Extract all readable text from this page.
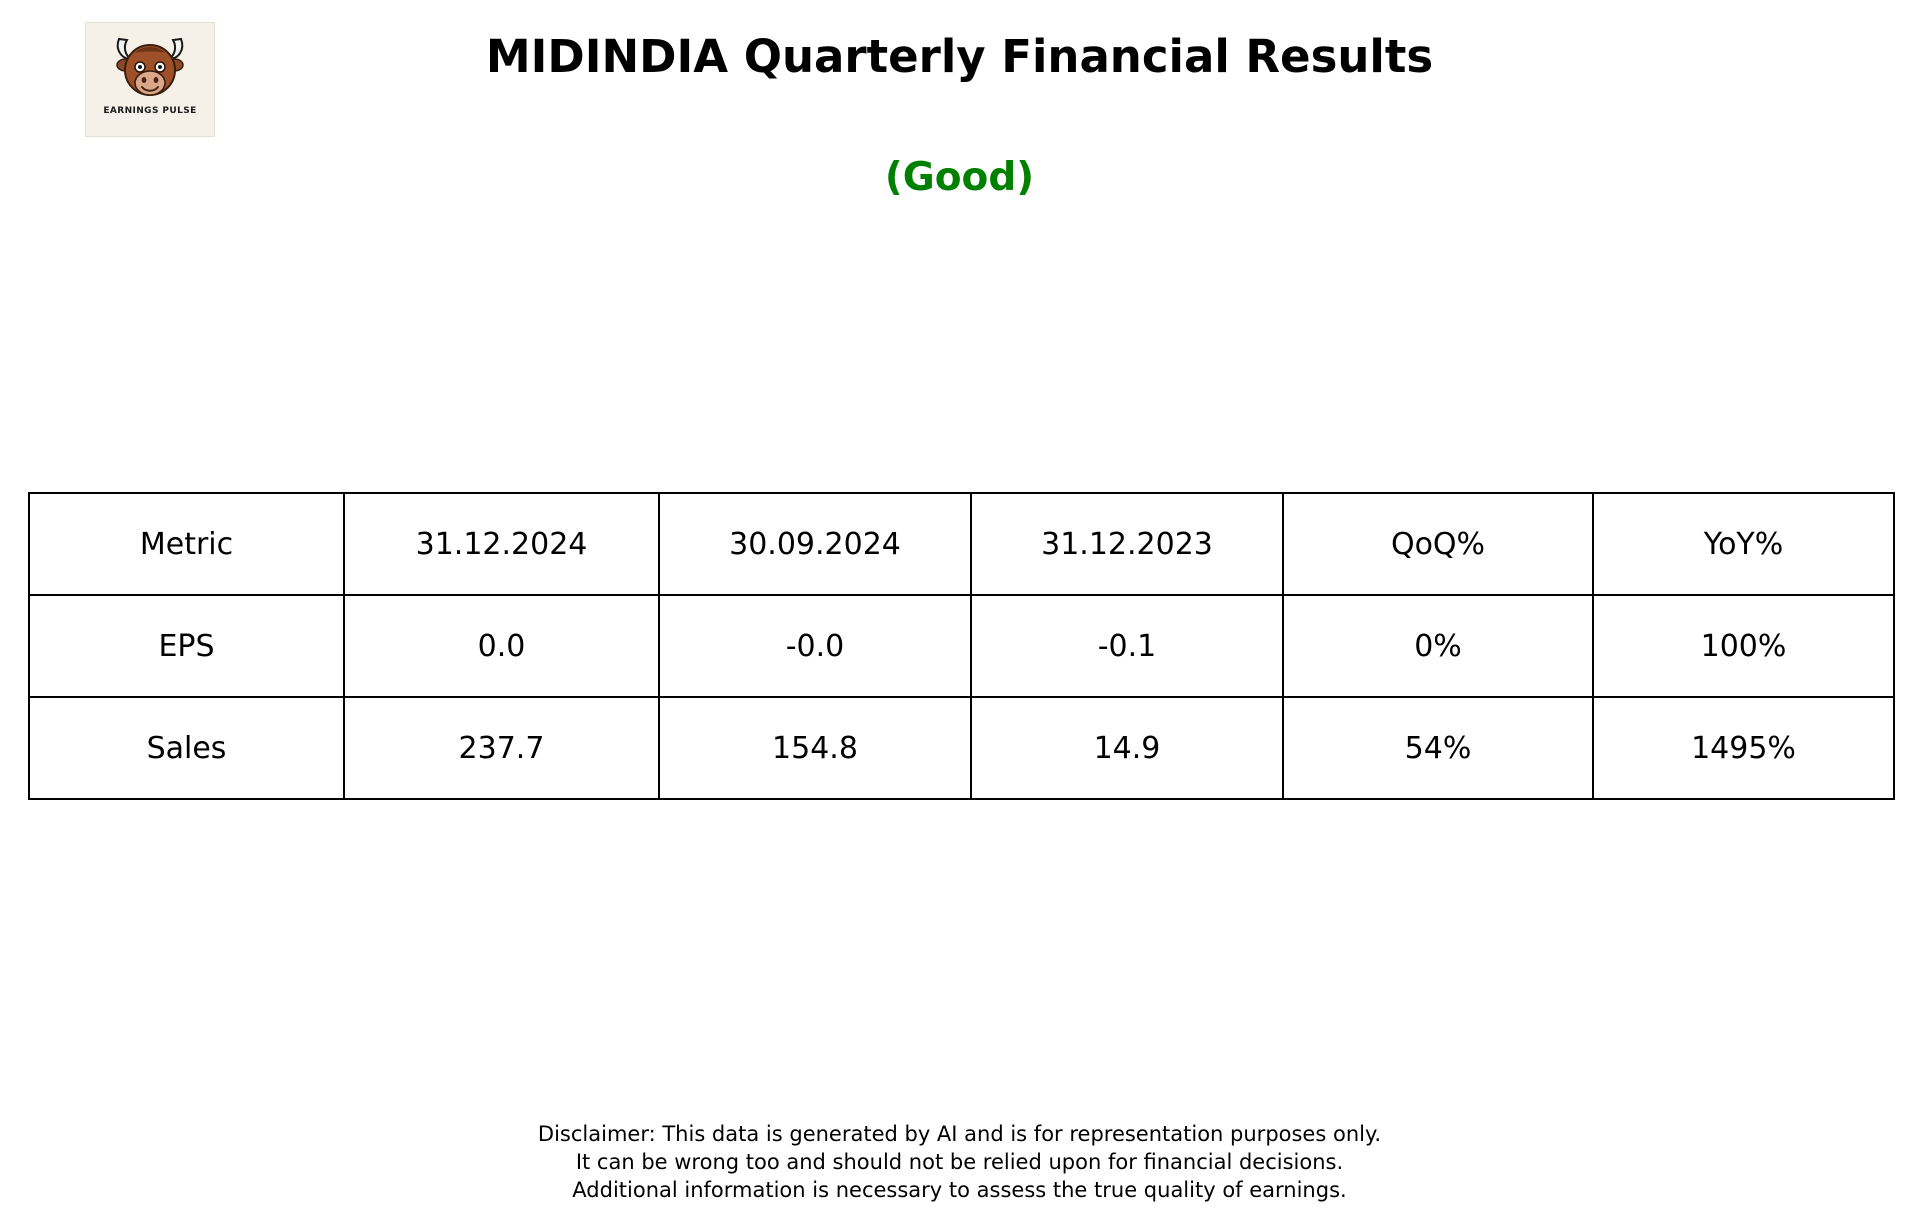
EARNINGS PULSE
MIDINDIA Quarterly Financial Results
(Good)
Metric	31.12.2024	30.09.2024	31.12.2023	QoQ%	YoY%
EPS	0.0	-0.0	-0.1	0%	100%
Sales	237.7	154.8	14.9	54%	1495%
Disclaimer: This data is generated by AI and is for representation purposes only.
It can be wrong too and should not be relied upon for financial decisions.
Additional information is necessary to assess the true quality of earnings.
